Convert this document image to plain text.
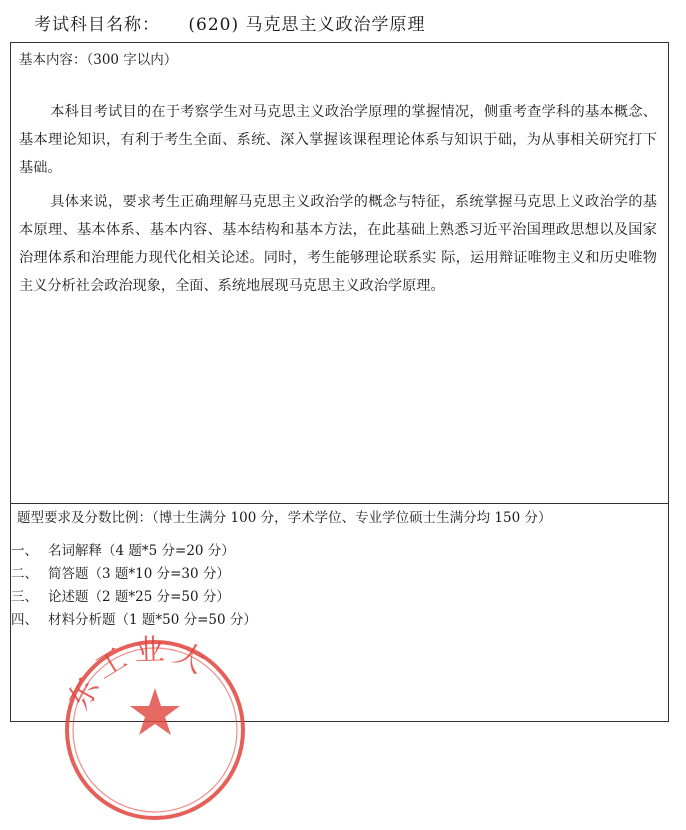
考试科目名称： (620) 马克思主义政治学原理
基本内容：（300 字以内）

本科目考试目的在于考察学生对马克思主义政治学原理的掌握情况，侧重考查学科的基本概念、基本理论知识，有利于考生全面、系统、深入掌握该课程理论体系与知识于础，为从事相关研究打下基础。

具体来说，要求考生正确理解马克思主义政治学的概念与特征，系统掌握马克思上义政治学的基本原理、基本体系、基本内容、基本结构和基本方法，在此基础上熟悉习近平治国理政思想以及国家治理体系和治理能力现代化相关论述。同时，考生能够理论联系实 际，运用辩证唯物主义和历史唯物主义分析社会政治现象，全面、系统地展现马克思主义政治学原理。

题型要求及分数比例：（博士生满分 100 分，学术学位、专业学位硕士生满分均 150 分）
一、 名词解释（4 题*5 分=20 分）
二、 简答题（3 题*10 分=30 分）
三、 论述题（2 题*25 分=50 分）
四、 材料分析题（1 题*50 分=50 分）
东工业大
